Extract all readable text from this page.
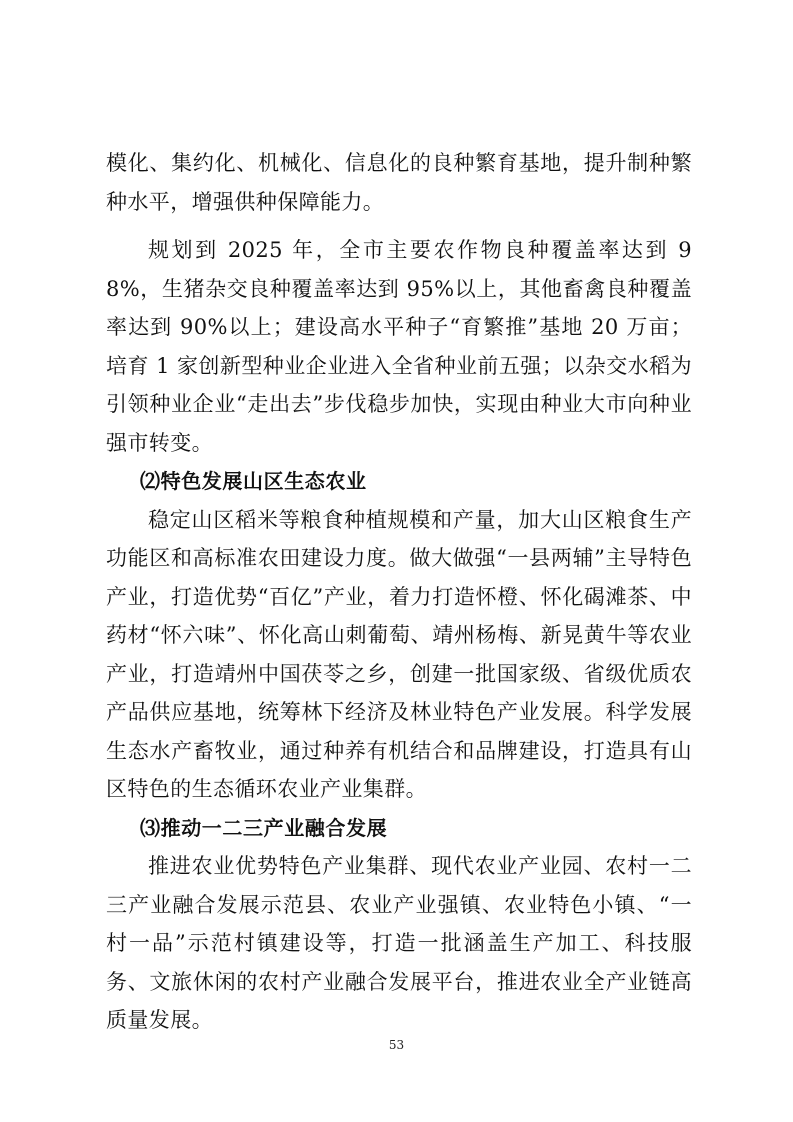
模化、集约化、机械化、信息化的良种繁育基地，提升制种繁种水平，增强供种保障能力。

规划到 2025 年，全市主要农作物良种覆盖率达到 98%，生猪杂交良种覆盖率达到 95%以上，其他畜禽良种覆盖率达到 90%以上；建设高水平种子“育繁推”基地 20 万亩；培育 1 家创新型种业企业进入全省种业前五强；以杂交水稻为引领种业企业“走出去”步伐稳步加快，实现由种业大市向种业强市转变。

⑵特色发展山区生态农业

稳定山区稻米等粮食种植规模和产量，加大山区粮食生产功能区和高标准农田建设力度。做大做强“一县两辅”主导特色产业，打造优势“百亿”产业，着力打造怀橙、怀化碣滩茶、中药材“怀六味”、怀化高山刺葡萄、靖州杨梅、新晃黄牛等农业产业，打造靖州中国茯苓之乡，创建一批国家级、省级优质农产品供应基地，统筹林下经济及林业特色产业发展。科学发展生态水产畜牧业，通过种养有机结合和品牌建设，打造具有山区特色的生态循环农业产业集群。

⑶推动一二三产业融合发展

推进农业优势特色产业集群、现代农业产业园、农村一二三产业融合发展示范县、农业产业强镇、农业特色小镇、“一村一品”示范村镇建设等，打造一批涵盖生产加工、科技服务、文旅休闲的农村产业融合发展平台，推进农业全产业链高质量发展。

53
